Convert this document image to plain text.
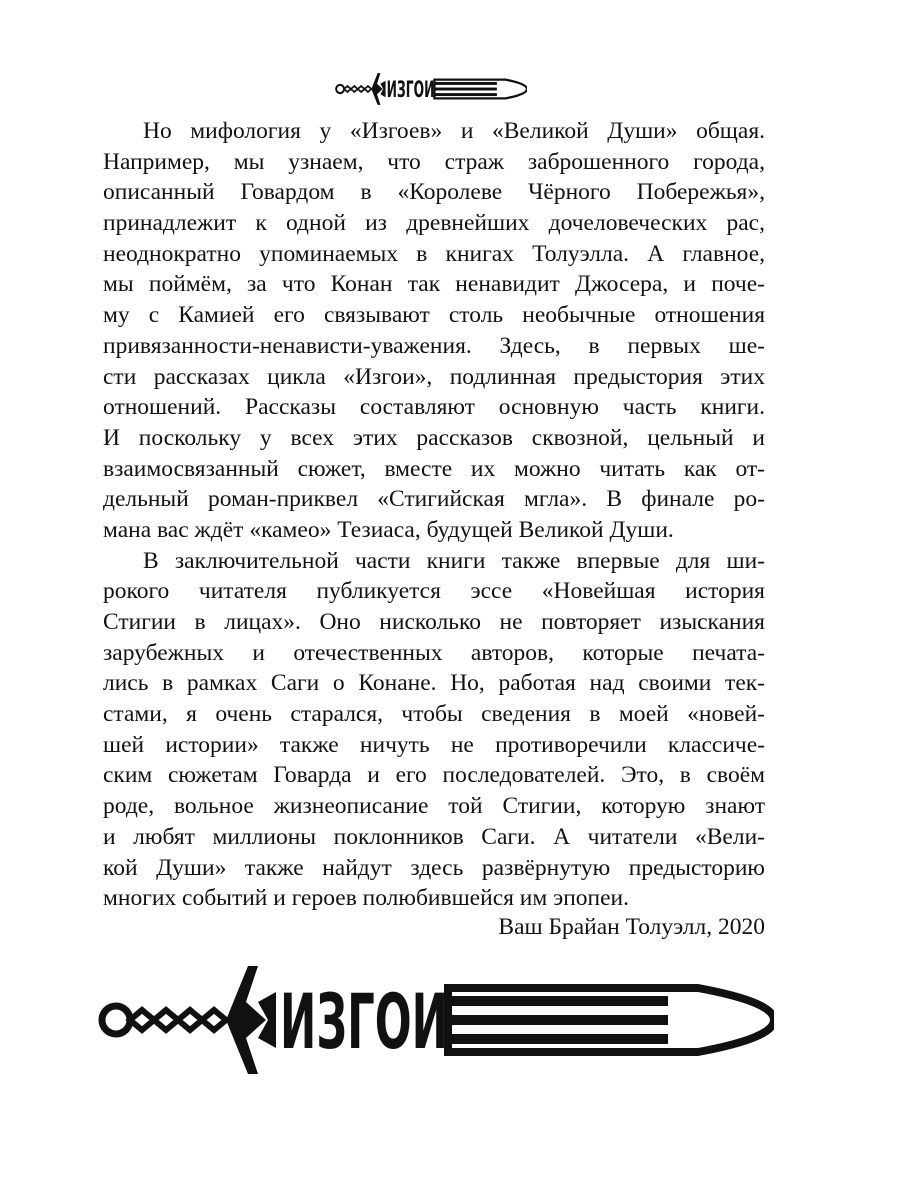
ИЗГОИ
Но мифология у «Изгоев» и «Великой Души» общая.
Например, мы узнаем, что страж заброшенного города,
описанный Говардом в «Королеве Чёрного Побережья»,
принадлежит к одной из древнейших дочеловеческих рас,
неоднократно упоминаемых в книгах Толуэлла. А главное,
мы поймём, за что Конан так ненавидит Джосера, и поче-
му с Камией его связывают столь необычные отношения
привязанности-ненависти-уважения. Здесь, в первых ше-
сти рассказах цикла «Изгои», подлинная предыстория этих
отношений. Рассказы составляют основную часть книги.
И поскольку у всех этих рассказов сквозной, цельный и
взаимосвязанный сюжет, вместе их можно читать как от-
дельный роман-приквел «Стигийская мгла». В финале ро-
мана вас ждёт «камео» Тезиаса, будущей Великой Души.
В заключительной части книги также впервые для ши-
рокого читателя публикуется эссе «Новейшая история
Стигии в лицах». Оно нисколько не повторяет изыскания
зарубежных и отечественных авторов, которые печата-
лись в рамках Саги о Конане. Но, работая над своими тек-
стами, я очень старался, чтобы сведения в моей «новей-
шей истории» также ничуть не противоречили классиче-
ским сюжетам Говарда и его последователей. Это, в своём
роде, вольное жизнеописание той Стигии, которую знают
и любят миллионы поклонников Саги. А читатели «Вели-
кой Души» также найдут здесь развёрнутую предысторию
многих событий и героев полюбившейся им эпопеи.
Ваш Брайан Толуэлл, 2020
ИЗГОИ
